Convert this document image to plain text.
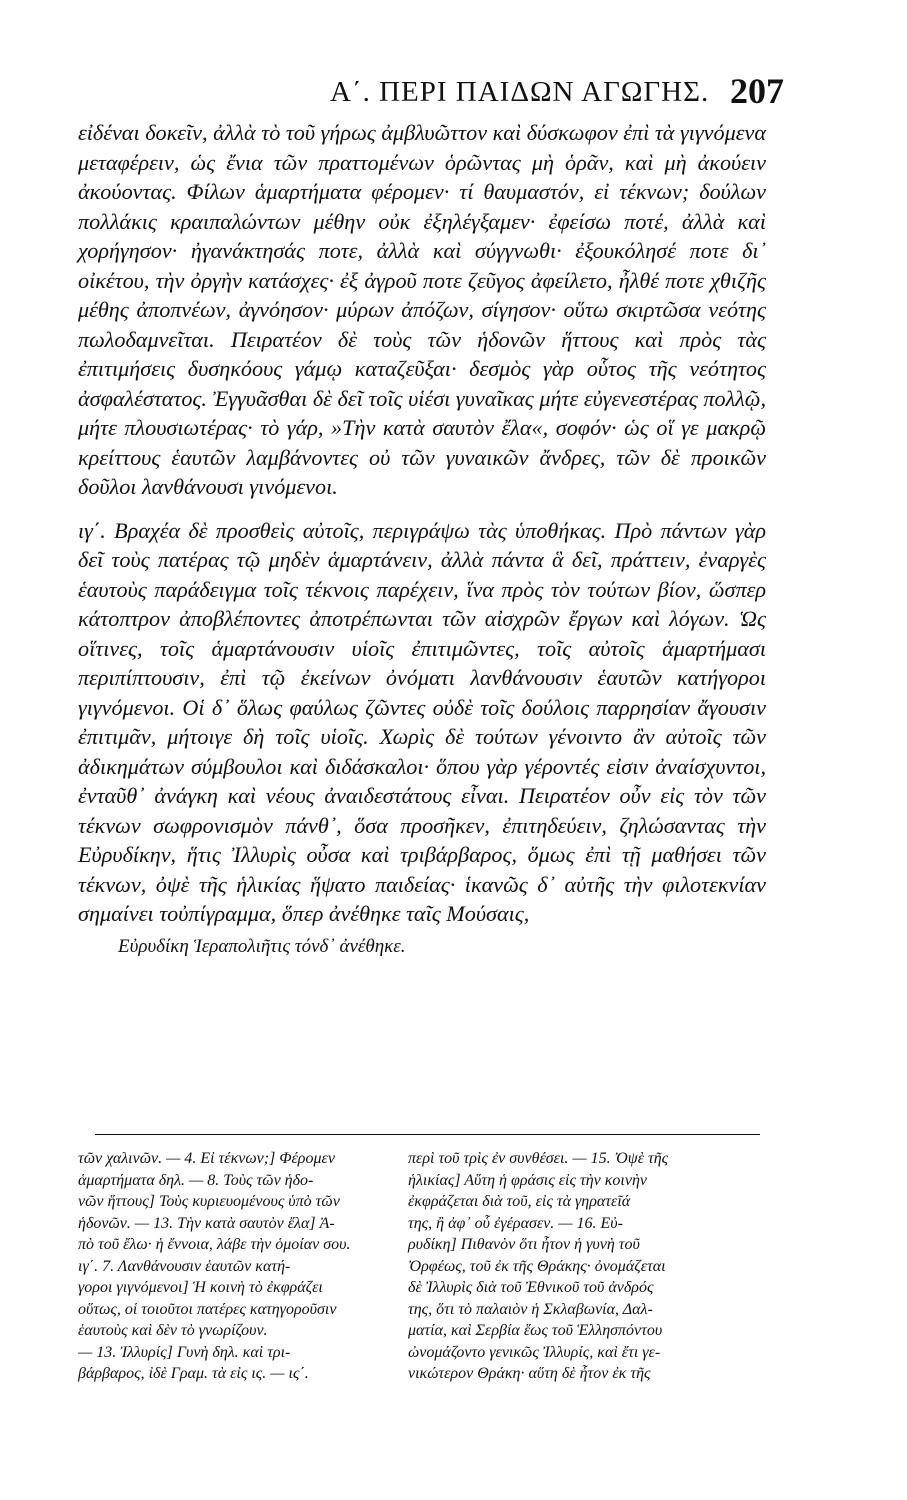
Α΄. ΠΕΡΙ ΠΑΙΔΩΝ ΑΓΩΓΗΣ. 207

εἰδέναι δοκεῖν, ἀλλὰ τὸ τοῦ γήρως ἀμβλυῶττον καὶ δύσκωφον ἐπὶ τὰ γιγνόμενα μεταφέρειν, ὡς ἔνια τῶν πραττομένων ὁρῶντας μὴ ὁρᾶν, καὶ μὴ ἀκούειν ἀκούοντας. Φίλων ἁμαρτήματα φέρομεν· τί θαυμαστόν, εἰ τέκνων; δούλων πολλάκις κραιπαλώντων μέθην οὐκ ἐξηλέγξαμεν· ἐφείσω ποτέ, ἀλλὰ καὶ χορήγησον· ἠγανάκτησάς ποτε, ἀλλὰ καὶ σύγγνωθι· ἐξουκόλησέ ποτε δι᾽ οἰκέτου, τὴν ὀργὴν κατάσχες· ἐξ ἀγροῦ ποτε ζεῦγος ἀφείλετο, ἦλθέ ποτε χθιζῆς μέθης ἀποπνέων, ἀγνόησον· μύρων ἀπόζων, σίγησον· οὕτω σκιρτῶσα νεότης πωλοδαμνεῖται. Πειρατέον δὲ τοὺς τῶν ἡδονῶν ἥττους καὶ πρὸς τὰς ἐπιτιμήσεις δυσηκόους γάμῳ καταζεῦξαι· δεσμὸς γὰρ οὗτος τῆς νεότητος ἀσφαλέστατος. Ἐγγυᾶσθαι δὲ δεῖ τοῖς υἱέσι γυναῖκας μήτε εὐγενεστέρας πολλῷ, μήτε πλουσιωτέρας· τὸ γάρ, »Τὴν κατὰ σαυτὸν ἔλα«, σοφόν· ὡς οἵ γε μακρῷ κρείττους ἑαυτῶν λαμβάνοντες οὐ τῶν γυναικῶν ἄνδρες, τῶν δὲ προικῶν δοῦλοι λανθάνουσι γινόμενοι.

ιγ΄. Βραχέα δὲ προσθεὶς αὐτοῖς, περιγράψω τὰς ὑποθήκας. Πρὸ πάντων γὰρ δεῖ τοὺς πατέρας τῷ μηδὲν ἁμαρτάνειν, ἀλλὰ πάντα ἃ δεῖ, πράττειν, ἐναργὲς ἑαυτοὺς παράδειγμα τοῖς τέκνοις παρέχειν, ἵνα πρὸς τὸν τούτων βίον, ὥσπερ κάτοπτρον ἀποβλέποντες ἀποτρέπωνται τῶν αἰσχρῶν ἔργων καὶ λόγων. Ὡς οἵτινες, τοῖς ἁμαρτάνουσιν υἱοῖς ἐπιτιμῶντες, τοῖς αὐτοῖς ἁμαρτήμασι περιπίπτουσιν, ἐπὶ τῷ ἐκείνων ὀνόματι λανθάνουσιν ἑαυτῶν κατήγοροι γιγνόμενοι. Οἱ δ᾽ ὅλως φαύλως ζῶντες οὐδὲ τοῖς δούλοις παρρησίαν ἄγουσιν ἐπιτιμᾶν, μήτοιγε δὴ τοῖς υἱοῖς. Χωρὶς δὲ τούτων γένοιντο ἂν αὐτοῖς τῶν ἀδικημάτων σύμβουλοι καὶ διδάσκαλοι· ὅπου γὰρ γέροντές εἰσιν ἀναίσχυντοι, ἐνταῦθ᾽ ἀνάγκη καὶ νέους ἀναιδεστάτους εἶναι. Πειρατέον οὖν εἰς τὸν τῶν τέκνων σωφρονισμὸν πάνθ᾽, ὅσα προσῆκεν, ἐπιτηδεύειν, ζηλώσαντας τὴν Εὐρυδίκην, ἥτις Ἰλλυρὶς οὖσα καὶ τριβάρβαρος, ὅμως ἐπὶ τῇ μαθήσει τῶν τέκνων, ὀψὲ τῆς ἡλικίας ἥψατο παιδείας· ἱκανῶς δ᾽ αὐτῆς τὴν φιλοτεκνίαν σημαίνει τοὐπίγραμμα, ὅπερ ἀνέθηκε ταῖς Μούσαις,

Εὐρυδίκη Ἱεραπολιῆτις τόνδ᾽ ἀνέθηκε.

τῶν χαλινῶν. — 4. Εἰ τέκνων;] Φέρομεν

ἁμαρτήματα δηλ. — 8. Τοὺς τῶν ἡδο-

νῶν ἥττους] Τοὺς κυριευομένους ὑπὸ τῶν

ἡδονῶν. — 13. Τὴν κατὰ σαυτὸν ἔλα] Ἀ-

πὸ τοῦ ἔλω· ἡ ἔννοια, λάβε τὴν ὁμοίαν σου.

ιγ΄. 7. Λανθάνουσιν ἑαυτῶν κατή-

γοροι γιγνόμενοι] Ἡ κοινὴ τὸ ἐκφράζει

οὕτως, οἱ τοιοῦτοι πατέρες κατηγοροῦσιν

ἑαυτοὺς καὶ δὲν τὸ γνωρίζουν.

— 13. Ἰλλυρίς] Γυνὴ δηλ. καὶ τρι-

βάρβαρος, ἰδὲ Γραμ. τὰ εἰς ις. — ις΄.

περὶ τοῦ τρὶς ἐν συνθέσει. — 15. Ὀψὲ τῆς

ἡλικίας] Αὕτη ἡ φράσις εἰς τὴν κοινὴν

ἐκφράζεται διὰ τοῦ, εἰς τὰ γηρατεῖά

της, ἢ ἀφ᾽ οὗ ἐγέρασεν. — 16. Εὐ-

ρυδίκη] Πιθανὸν ὅτι ἦτον ἡ γυνὴ τοῦ

Ὀρφέως, τοῦ ἐκ τῆς Θράκης· ὀνομάζεται

δὲ Ἰλλυρὶς διὰ τοῦ Ἐθνικοῦ τοῦ ἀνδρός

της, ὅτι τὸ παλαιὸν ἡ Σκλαβωνία, Δαλ-

ματία, καὶ Σερβία ἕως τοῦ Ἑλλησπόντου

ὠνομάζοντο γενικῶς Ἰλλυρίς, καὶ ἔτι γε-

νικώτερον Θράκη· αὕτη δὲ ἦτον ἐκ τῆς
